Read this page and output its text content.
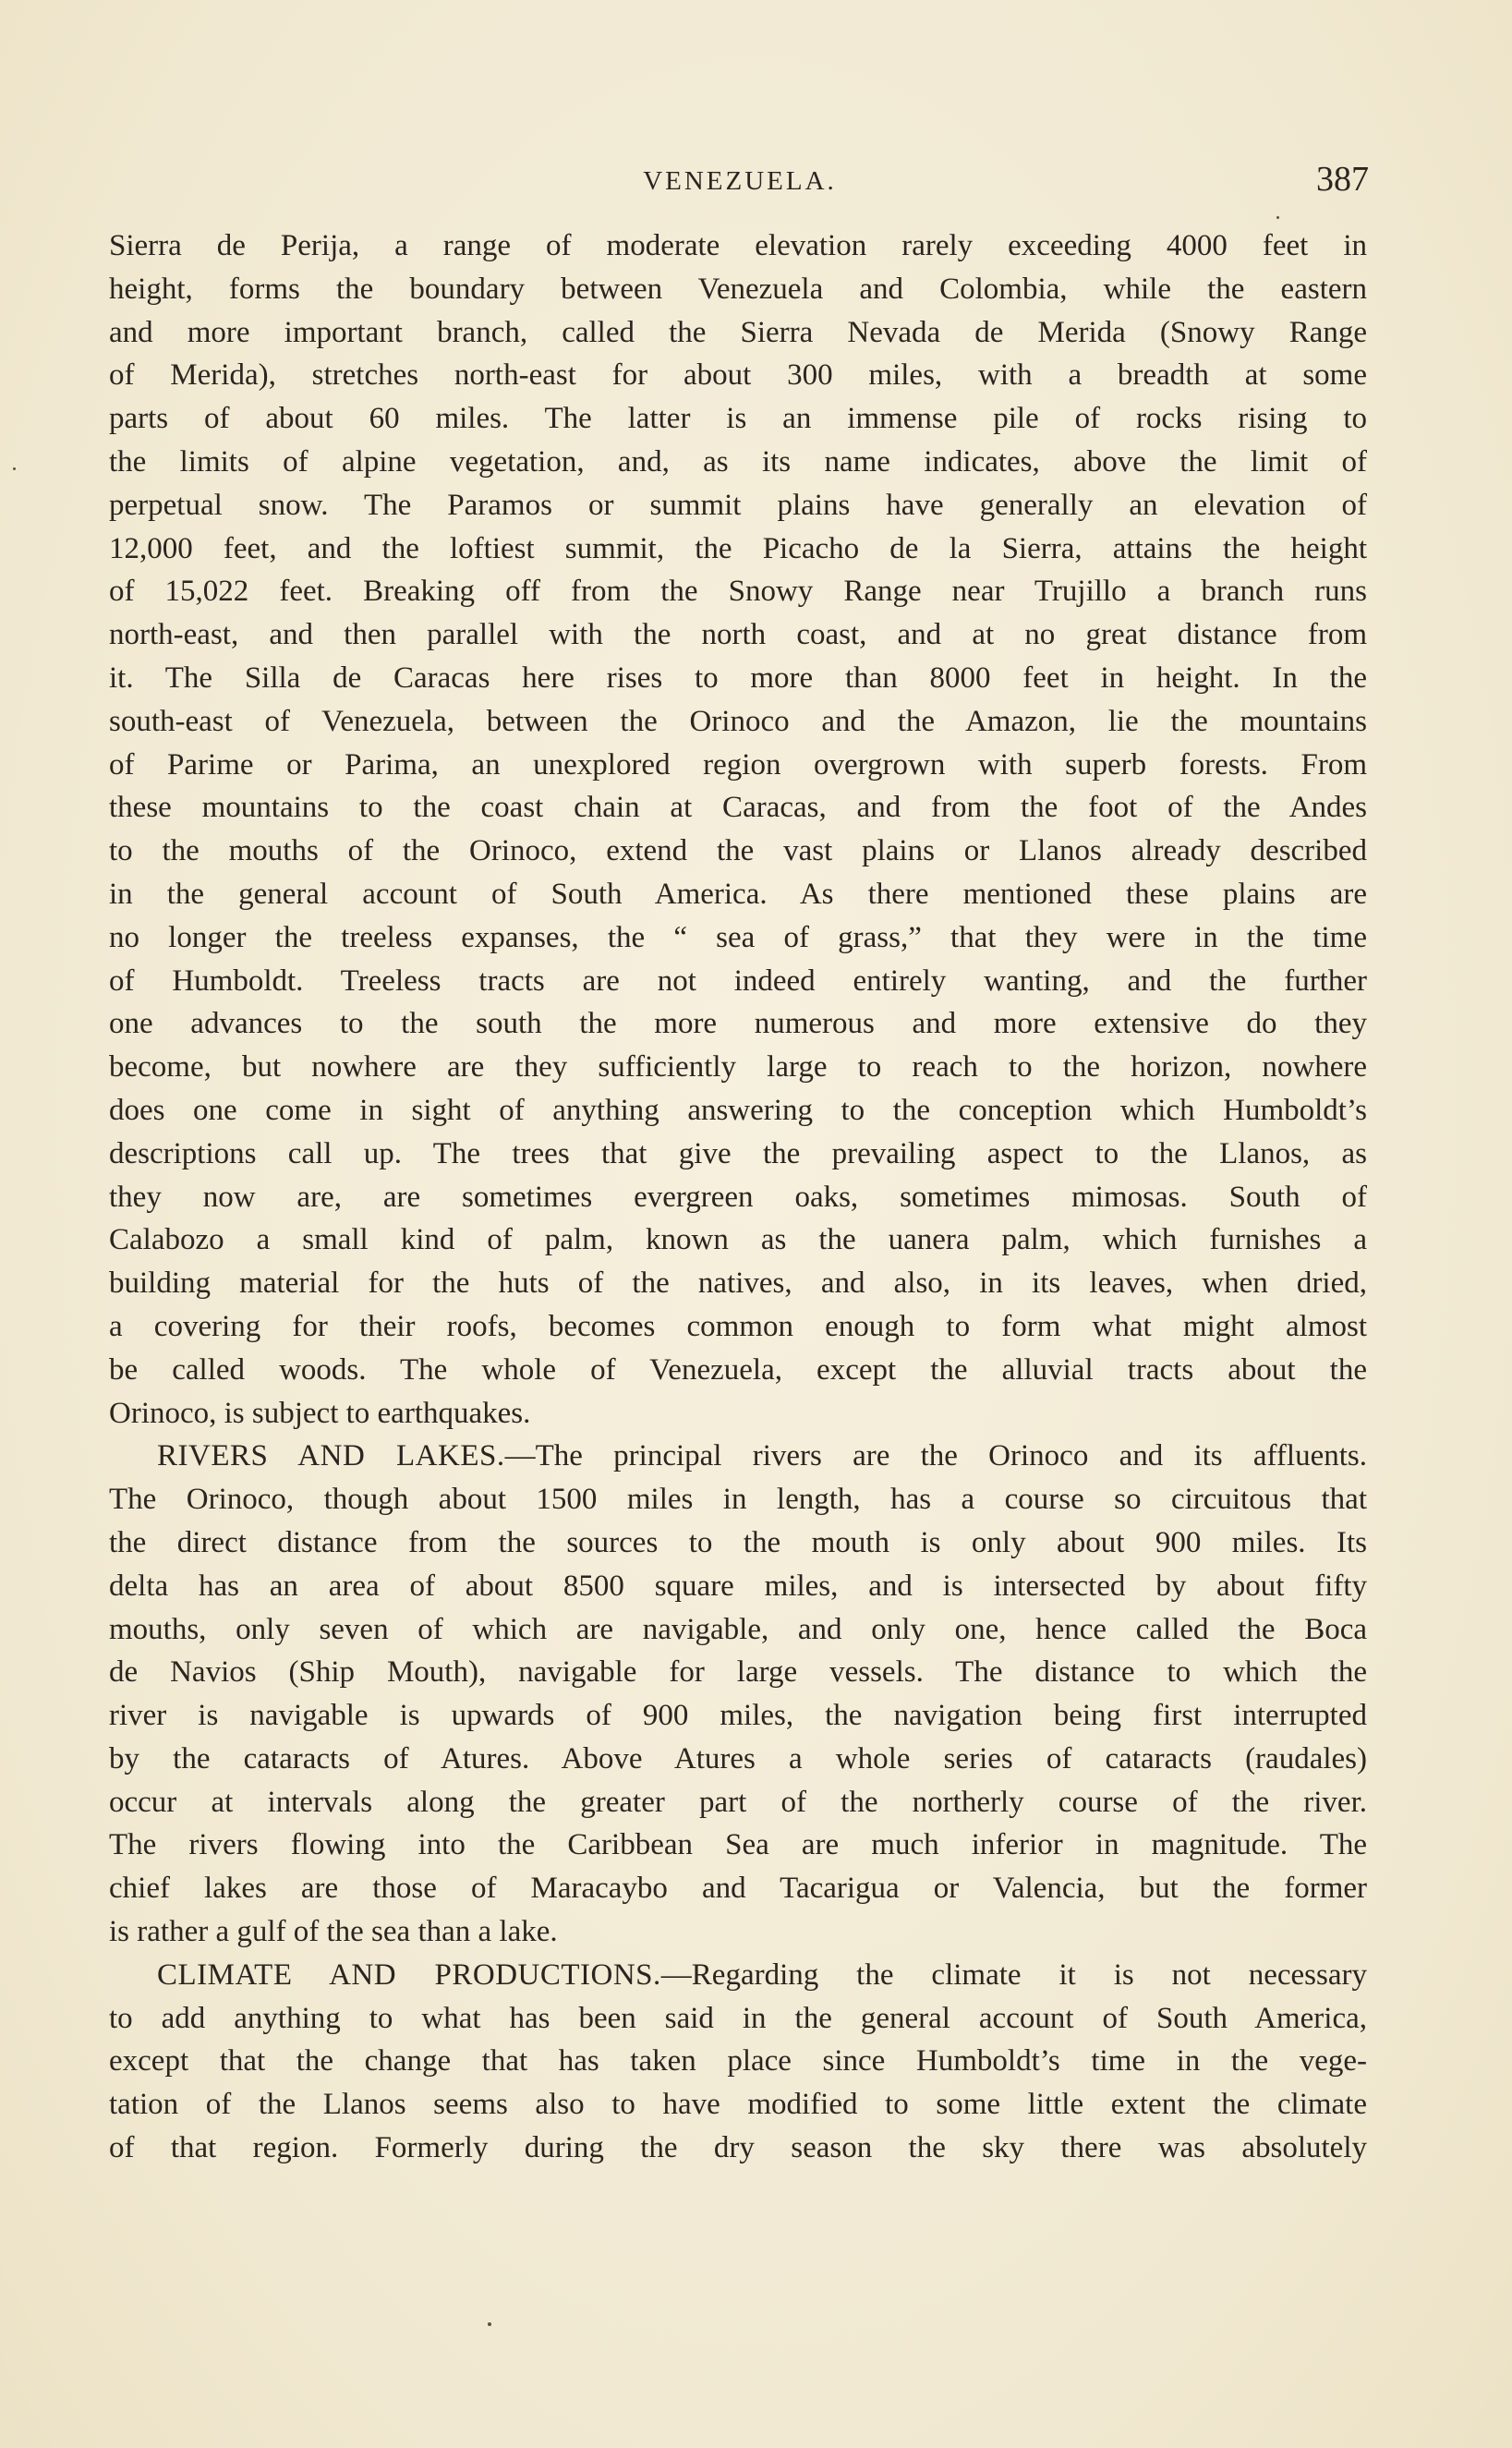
VENEZUELA.	387
Sierra de Perija, a range of moderate elevation rarely exceeding 4000 feet in
height, forms the boundary between Venezuela and Colombia, while the eastern
and more important branch, called the Sierra Nevada de Merida (Snowy Range
of Merida), stretches north-east for about 300 miles, with a breadth at some
parts of about 60 miles. The latter is an immense pile of rocks rising to
the limits of alpine vegetation, and, as its name indicates, above the limit of
perpetual snow. The Paramos or summit plains have generally an elevation of
12,000 feet, and the loftiest summit, the Picacho de la Sierra, attains the height
of 15,022 feet. Breaking off from the Snowy Range near Trujillo a branch runs
north-east, and then parallel with the north coast, and at no great distance from
it. The Silla de Caracas here rises to more than 8000 feet in height. In the
south-east of Venezuela, between the Orinoco and the Amazon, lie the mountains
of Parime or Parima, an unexplored region overgrown with superb forests. From
these mountains to the coast chain at Caracas, and from the foot of the Andes
to the mouths of the Orinoco, extend the vast plains or Llanos already described
in the general account of South America. As there mentioned these plains are
no longer the treeless expanses, the “ sea of grass,” that they were in the time
of Humboldt. Treeless tracts are not indeed entirely wanting, and the further
one advances to the south the more numerous and more extensive do they
become, but nowhere are they sufficiently large to reach to the horizon, nowhere
does one come in sight of anything answering to the conception which Humboldt’s
descriptions call up. The trees that give the prevailing aspect to the Llanos, as
they now are, are sometimes evergreen oaks, sometimes mimosas. South of
Calabozo a small kind of palm, known as the uanera palm, which furnishes a
building material for the huts of the natives, and also, in its leaves, when dried,
a covering for their roofs, becomes common enough to form what might almost
be called woods. The whole of Venezuela, except the alluvial tracts about the
Orinoco, is subject to earthquakes.
RIVERS AND LAKES.—The principal rivers are the Orinoco and its affluents.
The Orinoco, though about 1500 miles in length, has a course so circuitous that
the direct distance from the sources to the mouth is only about 900 miles. Its
delta has an area of about 8500 square miles, and is intersected by about fifty
mouths, only seven of which are navigable, and only one, hence called the Boca
de Navios (Ship Mouth), navigable for large vessels. The distance to which the
river is navigable is upwards of 900 miles, the navigation being first interrupted
by the cataracts of Atures. Above Atures a whole series of cataracts (raudales)
occur at intervals along the greater part of the northerly course of the river.
The rivers flowing into the Caribbean Sea are much inferior in magnitude. The
chief lakes are those of Maracaybo and Tacarigua or Valencia, but the former
is rather a gulf of the sea than a lake.
CLIMATE AND PRODUCTIONS.—Regarding the climate it is not necessary
to add anything to what has been said in the general account of South America,
except that the change that has taken place since Humboldt’s time in the vege-
tation of the Llanos seems also to have modified to some little extent the climate
of that region. Formerly during the dry season the sky there was absolutely
